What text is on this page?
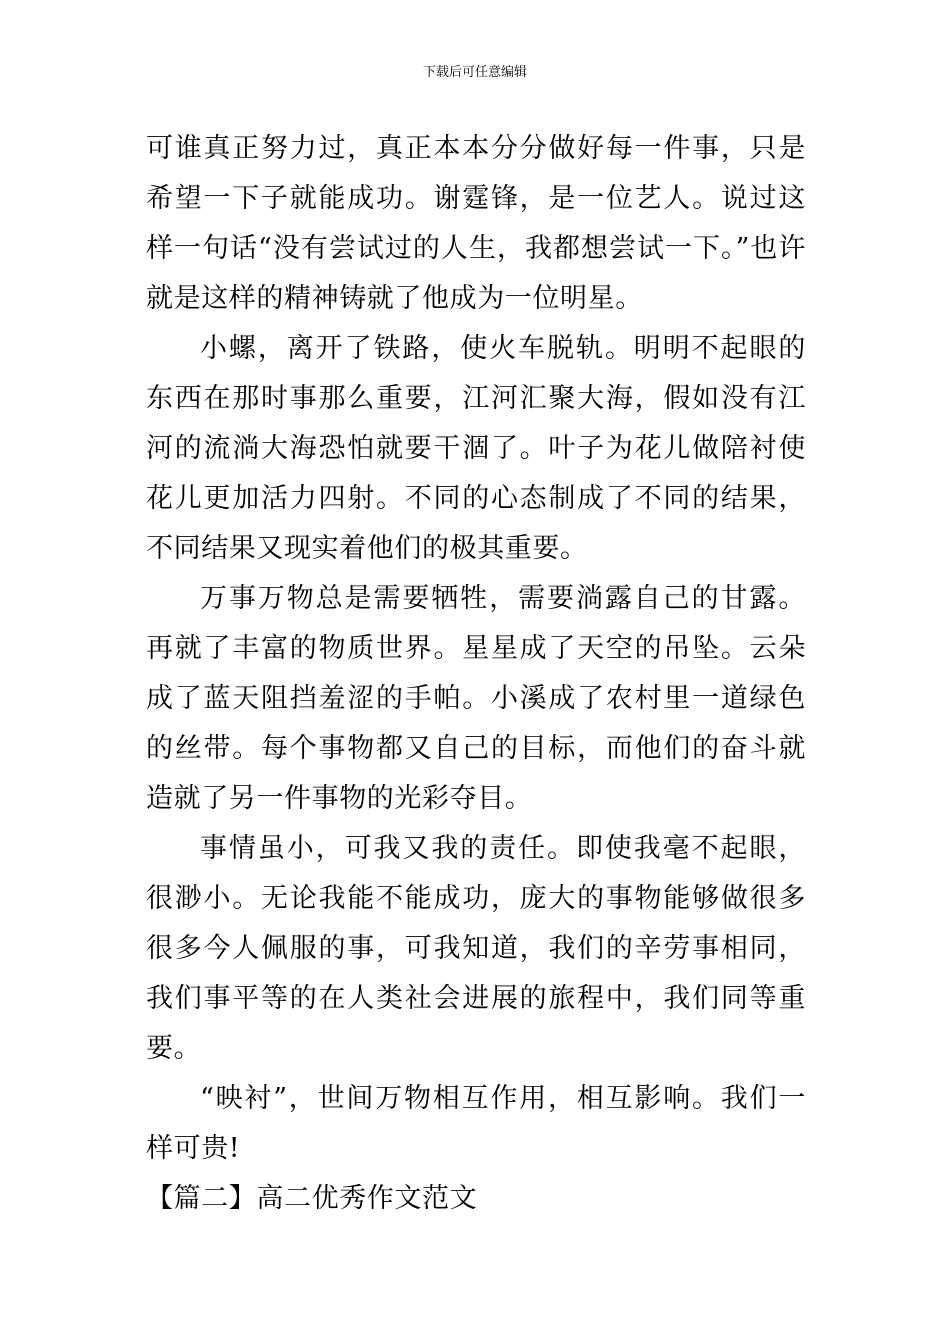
下载后可任意编辑

可谁真正努力过，真正本本分分做好每一件事，只是希望一下子就能成功。谢霆锋，是一位艺人。说过这样一句话“没有尝试过的人生，我都想尝试一下。”也许就是这样的精神铸就了他成为一位明星。

小螺，离开了铁路，使火车脱轨。明明不起眼的东西在那时事那么重要，江河汇聚大海，假如没有江河的流淌大海恐怕就要干涸了。叶子为花儿做陪衬使花儿更加活力四射。不同的心态制成了不同的结果，不同结果又现实着他们的极其重要。

万事万物总是需要牺牲，需要淌露自己的甘露。再就了丰富的物质世界。星星成了天空的吊坠。云朵成了蓝天阻挡羞涩的手帕。小溪成了农村里一道绿色的丝带。每个事物都又自己的目标，而他们的奋斗就造就了另一件事物的光彩夺目。

事情虽小，可我又我的责任。即使我毫不起眼，很渺小。无论我能不能成功，庞大的事物能够做很多很多今人佩服的事，可我知道，我们的辛劳事相同，我们事平等的在人类社会进展的旅程中，我们同等重要。

“映衬”，世间万物相互作用，相互影响。我们一样可贵!

【篇二】高二优秀作文范文
